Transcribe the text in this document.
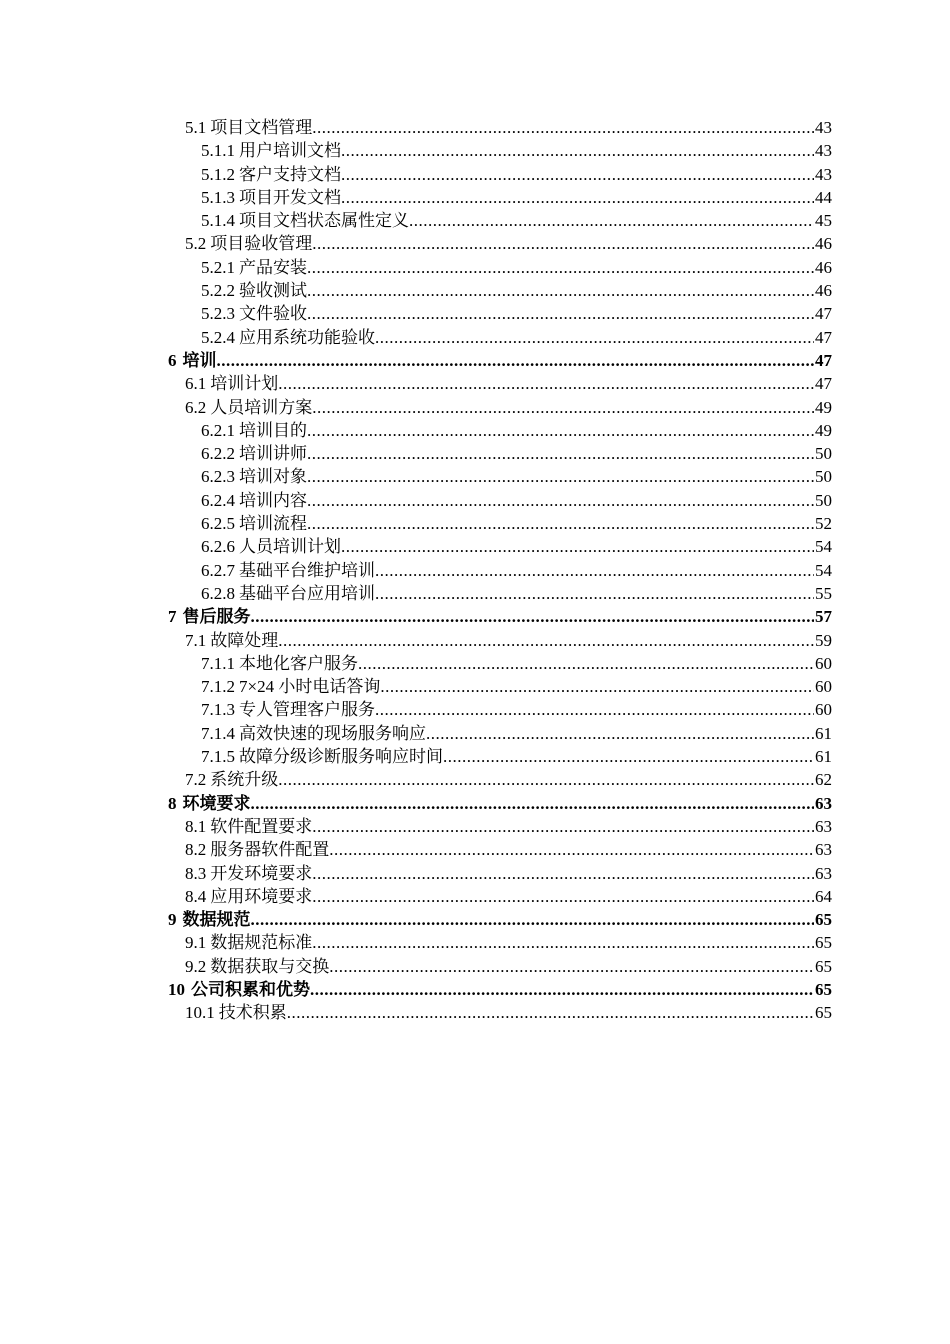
5.1 项目文档管理 .....	43
5.1.1 用户培训文档 .....	43
5.1.2 客户支持文档 .....	43
5.1.3 项目开发文档 .....	44
5.1.4 项目文档状态属性定义 .....	45
5.2 项目验收管理 .....	46
5.2.1 产品安装 .....	46
5.2.2 验收测试 .....	46
5.2.3 文件验收 .....	47
5.2.4 应用系统功能验收 .....	47
6 培训 .....	47
6.1 培训计划 .....	47
6.2 人员培训方案 .....	49
6.2.1 培训目的 .....	49
6.2.2 培训讲师 .....	50
6.2.3 培训对象 .....	50
6.2.4 培训内容 .....	50
6.2.5 培训流程 .....	52
6.2.6 人员培训计划 .....	54
6.2.7 基础平台维护培训 .....	54
6.2.8 基础平台应用培训 .....	55
7 售后服务 .....	57
7.1 故障处理 .....	59
7.1.1 本地化客户服务 .....	60
7.1.2 7×24 小时电话答询 .....	60
7.1.3 专人管理客户服务 .....	60
7.1.4 高效快速的现场服务响应 .....	61
7.1.5 故障分级诊断服务响应时间 .....	61
7.2 系统升级 .....	62
8 环境要求 .....	63
8.1 软件配置要求 .....	63
8.2 服务器软件配置 .....	63
8.3 开发环境要求 .....	63
8.4 应用环境要求 .....	64
9 数据规范 .....	65
9.1 数据规范标准 .....	65
9.2 数据获取与交换 .....	65
10 公司积累和优势 .....	65
10.1 技术积累 .....	65
